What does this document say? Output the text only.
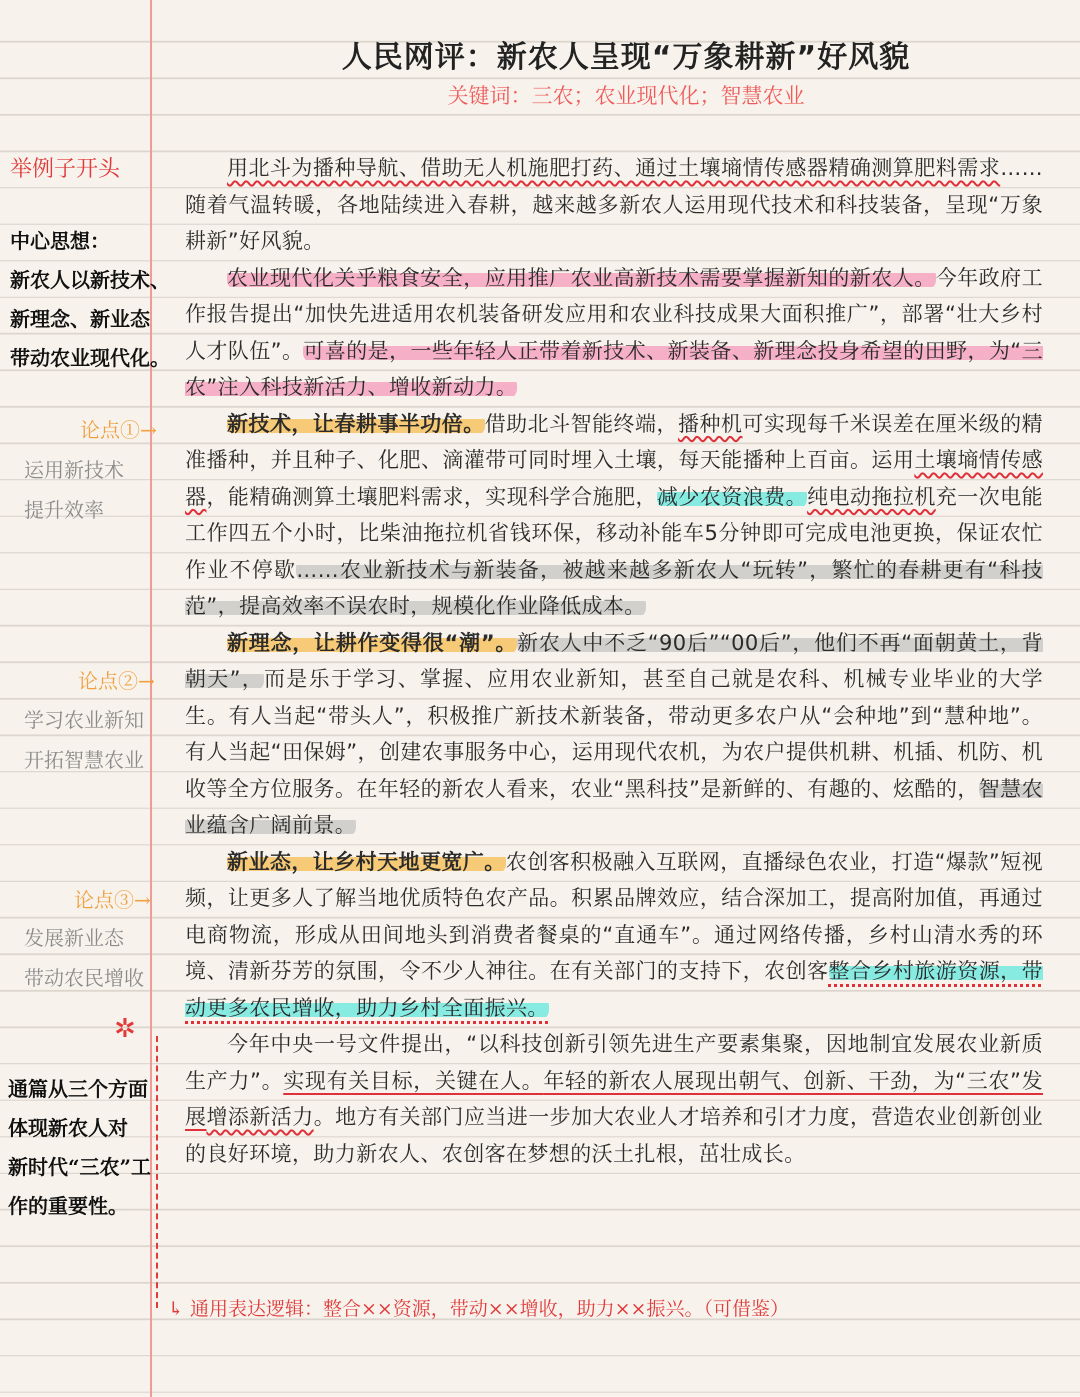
人民网评：新农人呈现“万象耕新”好风貌
关键词：三农；农业现代化；智慧农业
举例子开头
中心思想：
新农人以新技术、
新理念、新业态
带动农业现代化。
论点①→
运用新技术
提升效率
论点②→
学习农业新知
开拓智慧农业
论点③→
发展新业态
带动农民增收
✲
通篇从三个方面
体现新农人对
新时代“三农”工
作的重要性。
↳ 通用表达逻辑：整合××资源，带动××增收，助力××振兴。（可借鉴）

用北斗为播种导航、借助无人机施肥打药、通过土壤墒情传感器精确测算肥料需求……随着气温转暖，各地陆续进入春耕，越来越多新农人运用现代技术和科技装备，呈现“万象耕新”好风貌。

农业现代化关乎粮食安全，应用推广农业高新技术需要掌握新知的新农人。今年政府工作报告提出“加快先进适用农机装备研发应用和农业科技成果大面积推广”，部署“壮大乡村人才队伍”。可喜的是，一些年轻人正带着新技术、新装备、新理念投身希望的田野，为“三农”注入科技新活力、增收新动力。

新技术，让春耕事半功倍。借助北斗智能终端，播种机可实现每千米误差在厘米级的精准播种，并且种子、化肥、滴灌带可同时埋入土壤，每天能播种上百亩。运用土壤墒情传感器，能精确测算土壤肥料需求，实现科学合施肥，减少农资浪费。纯电动拖拉机充一次电能工作四五个小时，比柴油拖拉机省钱环保，移动补能车5分钟即可完成电池更换，保证农忙作业不停歇……农业新技术与新装备，被越来越多新农人“玩转”，繁忙的春耕更有“科技范”，提高效率不误农时，规模化作业降低成本。

新理念，让耕作变得很“潮”。新农人中不乏“90后”“00后”，他们不再“面朝黄土，背朝天”，而是乐于学习、掌握、应用农业新知，甚至自己就是农科、机械专业毕业的大学生。有人当起“带头人”，积极推广新技术新装备，带动更多农户从“会种地”到“慧种地”。有人当起“田保姆”，创建农事服务中心，运用现代农机，为农户提供机耕、机插、机防、机收等全方位服务。在年轻的新农人看来，农业“黑科技”是新鲜的、有趣的、炫酷的，智慧农业蕴含广阔前景。

新业态，让乡村天地更宽广。农创客积极融入互联网，直播绿色农业，打造“爆款”短视频，让更多人了解当地优质特色农产品。积累品牌效应，结合深加工，提高附加值，再通过电商物流，形成从田间地头到消费者餐桌的“直通车”。通过网络传播，乡村山清水秀的环境、清新芬芳的氛围，令不少人神往。在有关部门的支持下，农创客整合乡村旅游资源，带动更多农民增收，助力乡村全面振兴。

今年中央一号文件提出，“以科技创新引领先进生产要素集聚，因地制宜发展农业新质生产力”。实现有关目标，关键在人。年轻的新农人展现出朝气、创新、干劲，为“三农”发展增添新活力。地方有关部门应当进一步加大农业人才培养和引才力度，营造农业创新创业的良好环境，助力新农人、农创客在梦想的沃土扎根，茁壮成长。
